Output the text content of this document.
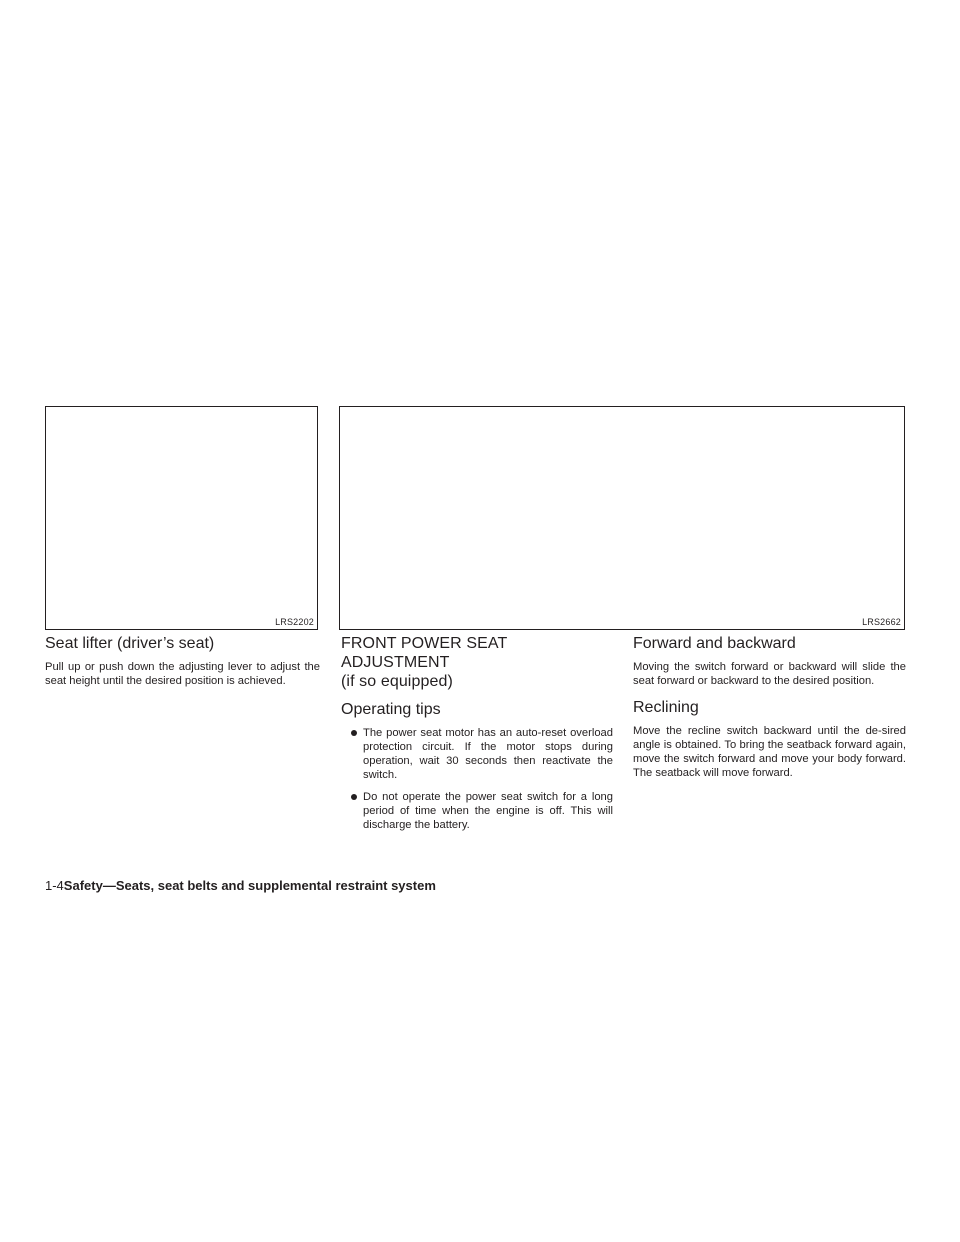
LRS2202	LRS2662
Seat lifter (driver’s seat)

Pull up or push down the adjusting lever to adjust the seat height until the desired position is achieved.

FRONT POWER SEAT ADJUSTMENT
(if so equipped)
Operating tips
The power seat motor has an auto-reset overload protection circuit. If the motor stops during operation, wait 30 seconds then reactivate the switch.
Do not operate the power seat switch for a long period of time when the engine is off. This will discharge the battery.
Forward and backward

Moving the switch forward or backward will slide the seat forward or backward to the desired position.

Reclining

Move the recline switch backward until the de-sired angle is obtained. To bring the seatback forward again, move the switch forward and move your body forward. The seatback will move forward.

1-4Safety—Seats, seat belts and supplemental restraint system
